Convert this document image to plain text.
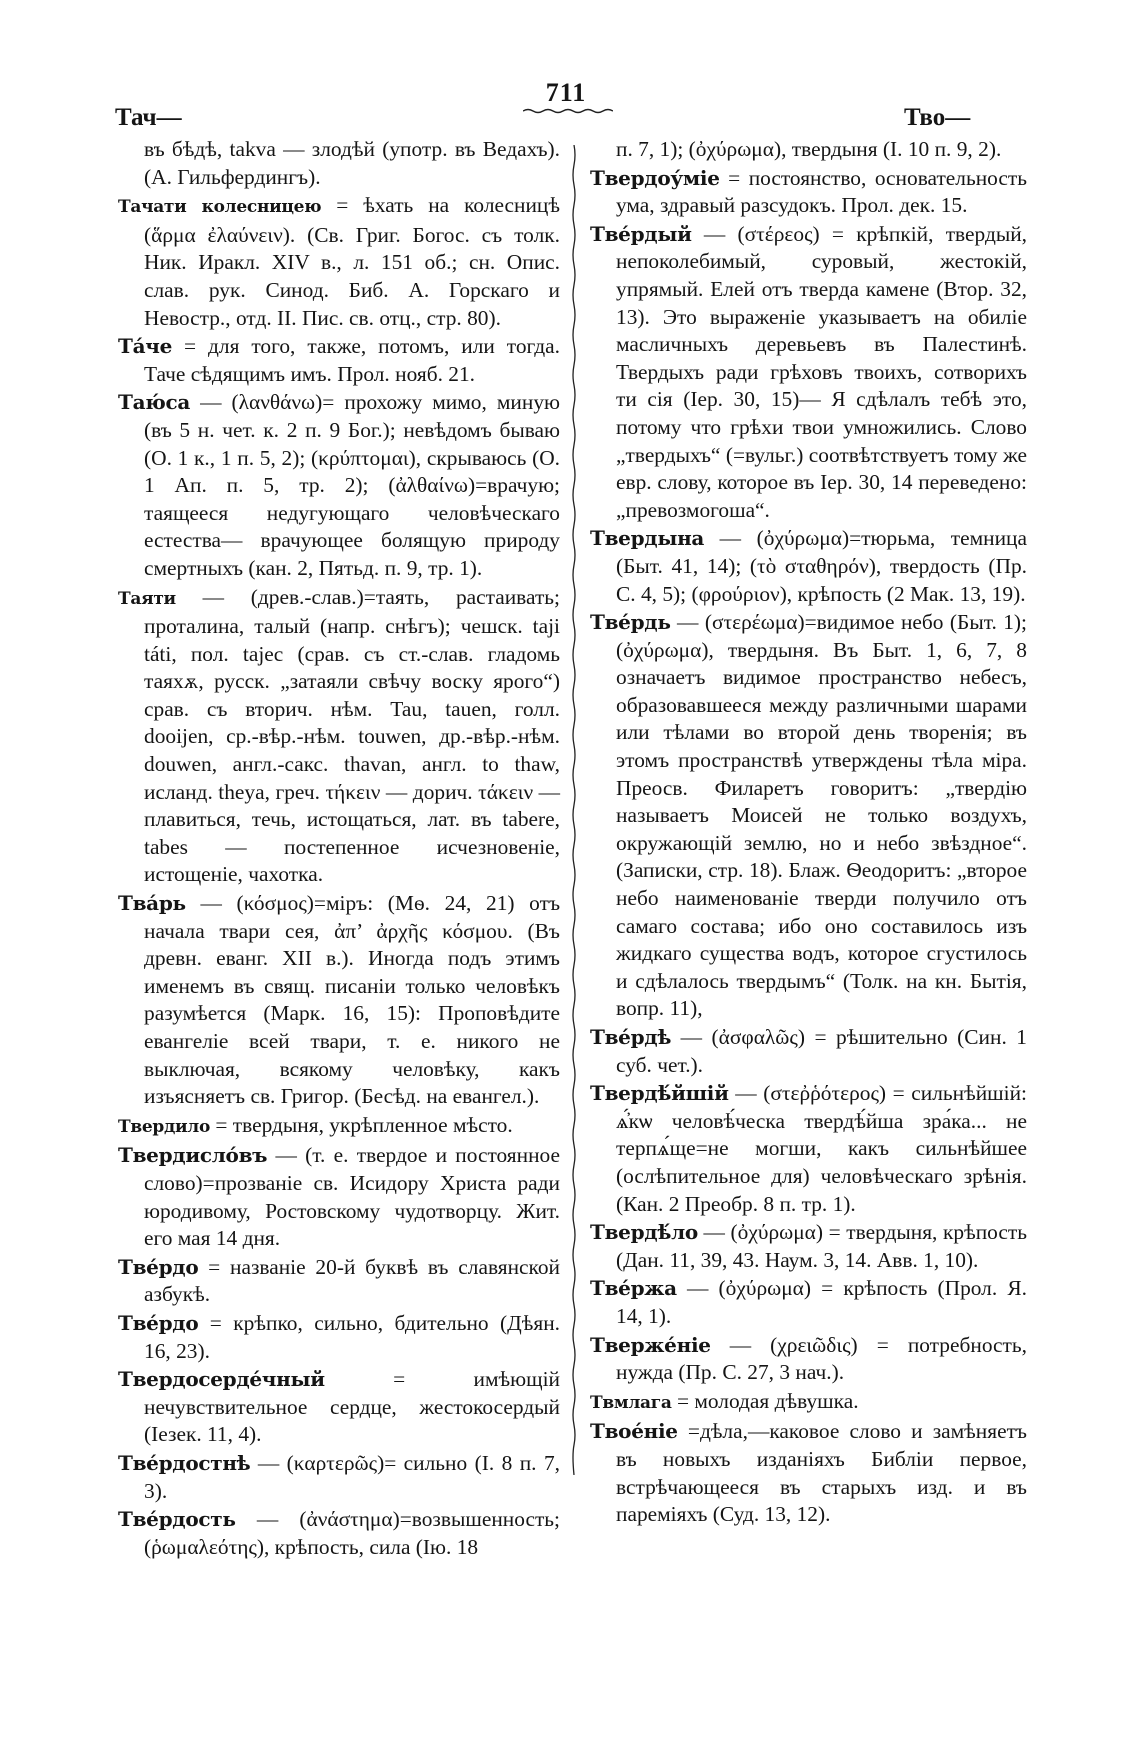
711
Тач—	Тво—

въ бѣдѣ, takva — злодѣй (употр. въ Ведахъ). (А. Гильфердингъ).

Тачати колесницею = ѣхать на колесницѣ (ἅρμα ἐλαύνειν). (Св. Григ. Богос. съ толк. Ник. Иракл. XIV в., л. 151 об.; сн. Опис. слав. рук. Синод. Биб. А. Горскаго и Невостр., отд. II. Пис. св. отц., стр. 80).

Та́че = для того, также, потомъ, или тогда. Таче сѣдящимъ имъ. Прол. нояб. 21.

Таю́са — (λανθάνω)= прохожу мимо, миную (въ 5 н. чет. к. 2 п. 9 Бог.); невѣдомъ бываю (О. 1 к., 1 п. 5, 2); (κρύπτομαι), скрываюсь (О. 1 Ап. п. 5, тр. 2); (ἀλθαίνω)=врачую; таящееся недугующаго человѣческаго естества— врачующее болящую природу смертныхъ (кан. 2, Пятьд. п. 9, тр. 1).

Таяти — (древ.-слав.)=таять, растаивать; проталина, талый (напр. снѣгъ); чешск. taji táti, пол. tajec (срав. съ ст.-слав. гладомь таяхѫ, русск. „затаяли свѣчу воску ярого“) срав. съ вторич. нѣм. Tau, tauen, голл. dooijen, ср.-вѣр.-нѣм. touwen, др.-вѣр.-нѣм. douwen, англ.-сакс. thavan, англ. to thaw, исланд. theya, греч. τήκειν — дорич. τάκειν — плавиться, течь, истощаться, лат. въ tabere, tabes — постепенное исчезновеніе, истощеніе, чахотка.

Тва́рь — (κόσμος)=міръ: (Мѳ. 24, 21) отъ начала твари сея, ἀπ’ ἀρχῆς κόσμου. (Въ древн. еванг. XII в.). Иногда подъ этимъ именемъ въ свящ. писаніи только человѣкъ разумѣется (Марк. 16, 15): Проповѣдите евангеліе всей твари, т. е. никого не выключая, всякому человѣку, какъ изъясняетъ св. Григор. (Бесѣд. на евангел.).

Твердило = твердыня, укрѣпленное мѣсто.

Твердисло́въ — (т. е. твердое и постоянное слово)=прозваніе св. Исидору Христа ради юродивому, Ростовскому чудотворцу. Жит. его мая 14 дня.

Тве́рдо = названіе 20-й буквѣ въ славянской азбукѣ.

Тве́рдо = крѣпко, сильно, бдительно (Дѣян. 16, 23).

Твердосерде́чный	= имѣющій нечувствительное сердце, жестокосердый (Іезек. 11, 4).

Тве́рдостнѣ — (καρτερῶς)= сильно (І. 8 п. 7, 3).

Тве́рдость — (ἀνάστημα)=возвышенность; (ῥωμαλεότης), крѣпость, сила (Ію. 18

п. 7, 1); (ὀχύρωμα), твердыня (І. 10 п. 9, 2).

Твердоу́міе = постоянство, основательность ума, здравый разсудокъ. Прол. дек. 15.

Тве́рдый — (στέρεος) = крѣпкій, твердый, непоколебимый, суровый, жестокій, упрямый. Елей отъ тверда камене (Втор. 32, 13). Это выраженіе указываетъ на обиліе масличныхъ деревьевъ въ Палестинѣ. Твердыхъ ради грѣховъ твоихъ, сотворихъ ти сія (Іер. 30, 15)— Я сдѣлалъ тебѣ это, потому что грѣхи твои умножились. Слово „твердыхъ“ (=вульг.) соотвѣтствуетъ тому же евр. слову, которое въ Іер. 30, 14 переведено: „превозмогоша“.

Твердына — (ὀχύρωμα)=тюрьма, темница (Быт. 41, 14); (τὸ σταθηρόν), твердость (Пр. С. 4, 5); (φρούριον), крѣпость (2 Мак. 13, 19).

Тве́рдь — (στερέωμα)=видимое небо (Быт. 1); (ὀχύρωμα), твердыня. Въ Быт. 1, 6, 7, 8 означаетъ видимое пространство небесъ, образовавшееся между различными шарами или тѣлами во второй день творенія; въ этомъ пространствѣ утверждены тѣла міра. Преосв. Филаретъ говоритъ: „твердію называетъ Моисей не только воздухъ, окружающій землю, но и небо звѣздное“. (Записки, стр. 18). Блаж. Ѳеодоритъ: „второе небо наименованіе тверди получило отъ самаго состава; ибо оно составилось изъ жидкаго существа водъ, которое сгустилось и сдѣлалось твердымъ“ (Толк. на кн. Бытія, вопр. 11),

Тве́рдѣ — (ἀσφαλῶς) = рѣшительно (Син. 1 суб. чет.).

Твердѣ́йшій — (στεῤῥότερος) = сильнѣйшій: ѧ҆́кѡ человѣ́ческа твердѣ́йша зра́ка... не терпѧ́ще=не могши, какъ сильнѣйшее (ослѣпительное для) человѣческаго зрѣнія. (Кан. 2 Преобр. 8 п. тр. 1).

Твердѣ́ло — (ὀχύρωμα) = твердыня, крѣпость (Дан. 11, 39, 43. Наум. 3, 14. Авв. 1, 10).

Тве́ржа — (ὀχύρωμα) = крѣпость (Прол. Я. 14, 1).

Тверже́ніе — (χρειῶδις) = потребность, нужда (Пр. С. 27, 3 нач.).

Твмлага = молодая дѣвушка.

Твое́ніе =дѣла,—каковое слово и замѣняетъ въ новыхъ изданіяхъ Библіи первое, встрѣчающееся въ старыхъ изд. и въ пареміяхъ (Суд. 13, 12).
